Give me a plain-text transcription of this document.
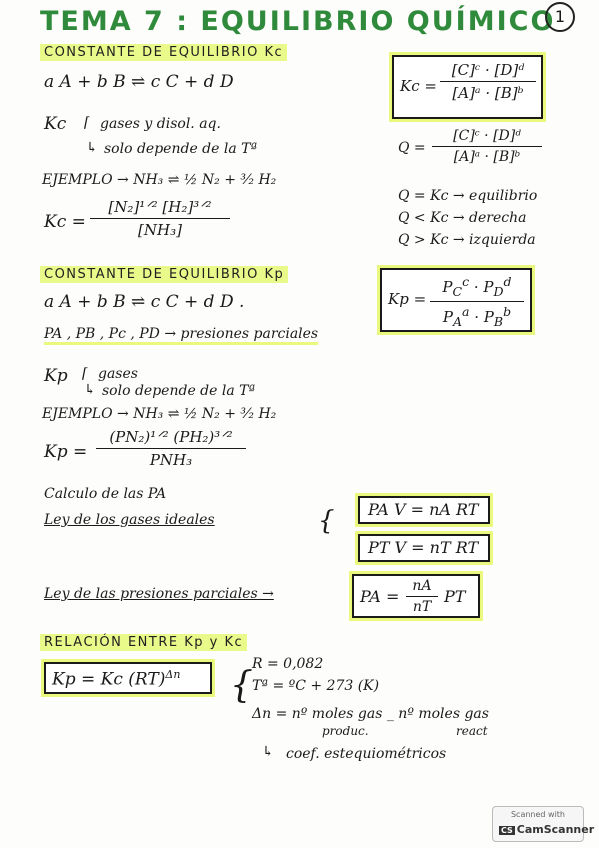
TEMA 7 : EQUILIBRIO QUÍMICO 1
CONSTANTE DE EQUILIBRIO Kc
a A + b B ⇌ c C + d D	Kc =
[C]ᶜ · [D]ᵈ
[A]ᵃ · [B]ᵇ
Kc ⌈ gases y disol. aq.
↳ solo depende de la Tª	Q =
[C]ᶜ · [D]ᵈ
[A]ᵃ · [B]ᵇ
Q = Kc → equilibrio
Q < Kc → derecha
Q > Kc → izquierda
EJEMPLO → NH₃ ⇌ ½ N₂ + ³⁄₂ H₂
Kc =
[N₂]¹ᐟ² [H₂]³ᐟ²
[NH₃]
CONSTANTE DE EQUILIBRIO Kp
a A + b B ⇌ c C + d D .	Kp =
$P_C^c \cdot P_D^d$
$P_A^a \cdot P_B^b$
PA , PB , Pc , PD → presiones parciales
Kp ⌈ gases
↳ solo depende de la Tª
EJEMPLO → NH₃ ⇌ ½ N₂ + ³⁄₂ H₂
Kp =
(PN₂)¹ᐟ² (PH₂)³ᐟ²
PNH₃
Calculo de las PA
Ley de los gases ideales	{ PA V = nA RT
PT V = nT RT
Ley de las presiones parciales →	PA =
nA
nT
PT
RELACIÓN ENTRE Kp y Kc
Kp = Kc (RT)$^{\Delta n}$ {
R = 0,082
Tª = ºC + 273 (K)
Δn = nº moles gas _ nº moles gas
produc.	react
↳ coef. estequiométricos
Scanned with
CS CamScanner
